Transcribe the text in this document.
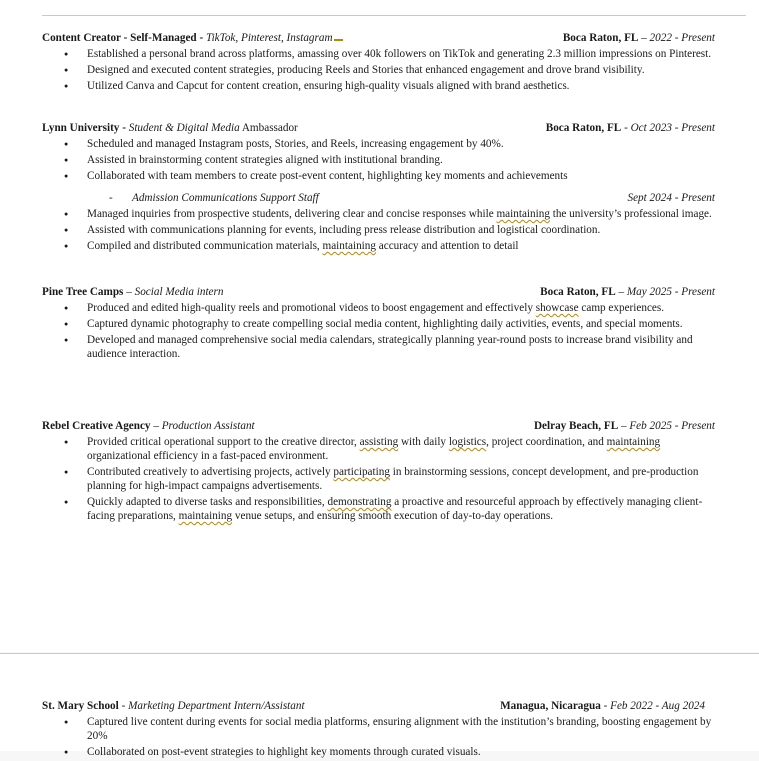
Content Creator - Self-Managed - TikTok, Pinterest, Instagram	Boca Raton, FL – 2022 - Present
● Established a personal brand across platforms, amassing over 40k followers on TikTok and generating 2.3 million impressions on Pinterest.
● Designed and executed content strategies, producing Reels and Stories that enhanced engagement and drove brand visibility.
● Utilized Canva and Capcut for content creation, ensuring high-quality visuals aligned with brand aesthetics.
Lynn University - Student & Digital Media Ambassador	Boca Raton, FL - Oct 2023 - Present
● Scheduled and managed Instagram posts, Stories, and Reels, increasing engagement by 40%.
● Assisted in brainstorming content strategies aligned with institutional branding.
● Collaborated with team members to create post-event content, highlighting key moments and achievements
- Admission Communications Support Staff	Sept 2024 - Present
● Managed inquiries from prospective students, delivering clear and concise responses while maintaining the university’s professional image.
● Assisted with communications planning for events, including press release distribution and logistical coordination.
● Compiled and distributed communication materials, maintaining accuracy and attention to detail
Pine Tree Camps – Social Media intern	Boca Raton, FL – May 2025 - Present
● Produced and edited high-quality reels and promotional videos to boost engagement and effectively showcase camp experiences.
● Captured dynamic photography to create compelling social media content, highlighting daily activities, events, and special moments.
● Developed and managed comprehensive social media calendars, strategically planning year-round posts to increase brand visibility and audience interaction.
Rebel Creative Agency – Production Assistant	Delray Beach, FL – Feb 2025 - Present
● Provided critical operational support to the creative director, assisting with daily logistics, project coordination, and maintaining organizational efficiency in a fast-paced environment.
● Contributed creatively to advertising projects, actively participating in brainstorming sessions, concept development, and pre-production planning for high-impact campaigns advertisements.
● Quickly adapted to diverse tasks and responsibilities, demonstrating a proactive and resourceful approach by effectively managing client-facing preparations, maintaining venue setups, and ensuring smooth execution of day-to-day operations.
St. Mary School - Marketing Department Intern/Assistant	Managua, Nicaragua - Feb 2022 - Aug 2024
● Captured live content during events for social media platforms, ensuring alignment with the institution’s branding, boosting engagement by 20%
● Collaborated on post-event strategies to highlight key moments through curated visuals.
